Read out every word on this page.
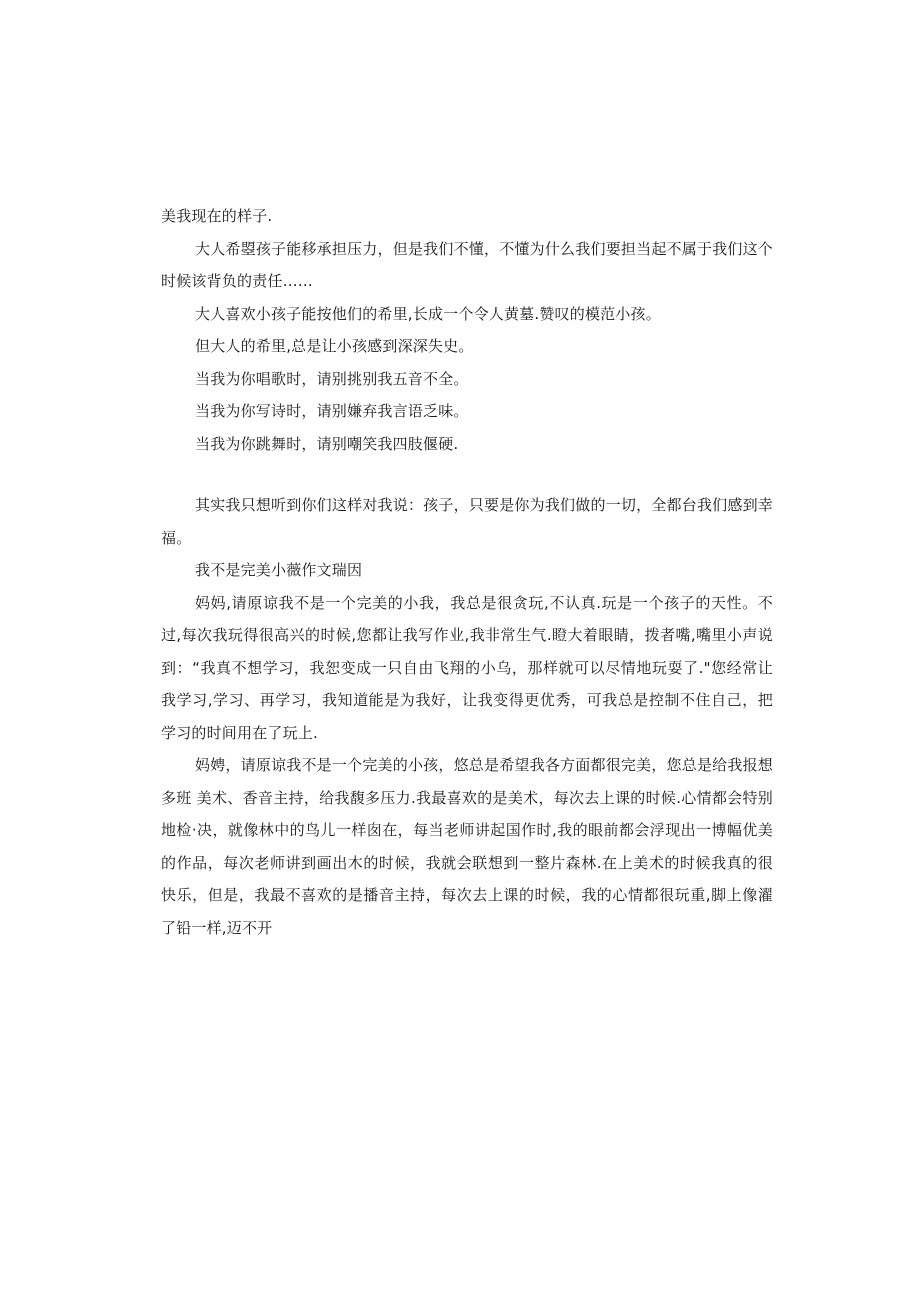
美我现在的样子.

大人希曌孩子能移承担压力，但是我们不懂，不懂为什么我们要担当起不属于我们这个时候该背负的责任……

大人喜欢小孩子能按他们的希里,长成一个令人黄墓.赞叹的模范小孩。

但大人的希里,总是让小孩感到深深失史。

当我为你唱歌时，请别挑别我五音不全。

当我为你写诗时，请别嫌弃我言语乏味。

当我为你跳舞时，请别嘲笑我四肢偃硬.

其实我只想听到你们这样对我说：孩子，只要是你为我们做的一切，全都台我们感到幸福。

我不是完美小薇作文瑞因

妈妈,请原谅我不是一个完美的小我，我总是很贪玩,不认真.玩是一个孩子的天性。不过,每次我玩得很高兴的时候,您都让我写作业,我非常生气.瞪大着眼睛，拨者嘴,嘴里小声说到：“我真不想学习，我恕变成一只自由飞翔的小乌，那样就可以尽情地玩耍了."您经常让我学习,学习、再学习，我知道能是为我好，让我变得更优秀，可我总是控制不住自己，把学习的时间用在了玩上.

妈娉，请原谅我不是一个完美的小孩，悠总是希望我各方面都很完美，您总是给我报想多班 美术、香音主持，给我馥多压力.我最喜欢的是美术，每次去上课的时候.心情都会特别地检·决，就像林中的鸟儿一样囱在，每当老师讲起国作时,我的眼前都会浮现出一博幅优美的作品，每次老师讲到画出木的时候，我就会联想到一整片森林.在上美术的时候我真的很快乐，但是，我最不喜欢的是播音主持，每次去上课的时候，我的心情都很玩重,脚上像濯了铅一样,迈不开
